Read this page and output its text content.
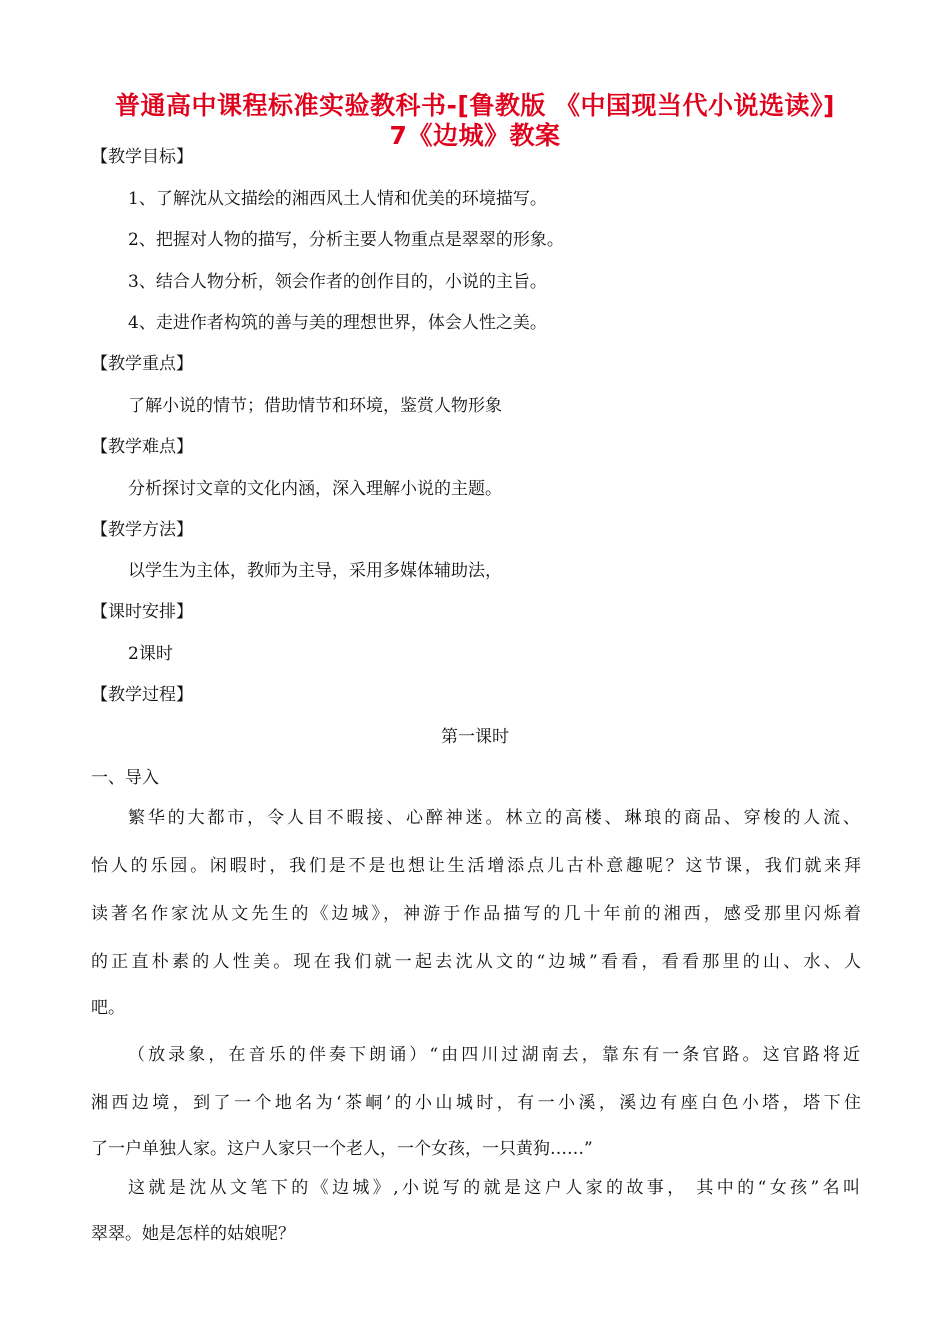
普通高中课程标准实验教科书-[鲁教版 《中国现当代小说选读》]
7《边城》教案
【教学目标】
1、了解沈从文描绘的湘西风土人情和优美的环境描写。
2、把握对人物的描写，分析主要人物重点是翠翠的形象。
3、结合人物分析，领会作者的创作目的，小说的主旨。
4、走进作者构筑的善与美的理想世界，体会人性之美。
【教学重点】
了解小说的情节；借助情节和环境，鉴赏人物形象
【教学难点】
分析探讨文章的文化内涵，深入理解小说的主题。
【教学方法】
以学生为主体，教师为主导，采用多媒体辅助法，
【课时安排】
2课时
【教学过程】
第一课时
一、导入
繁华的大都市，令人目不暇接、心醉神迷。林立的高楼、琳琅的商品、穿梭的人流、
怡人的乐园。闲暇时，我们是不是也想让生活增添点儿古朴意趣呢？这节课，我们就来拜
读著名作家沈从文先生的《边城》，神游于作品描写的几十年前的湘西，感受那里闪烁着
的正直朴素的人性美。现在我们就一起去沈从文的“边城”看看，看看那里的山、水、人
吧。
（放录象，在音乐的伴奏下朗诵）“由四川过湖南去，靠东有一条官路。这官路将近
湘西边境，到了一个地名为‘茶峒’的小山城时，有一小溪，溪边有座白色小塔，塔下住
了一户单独人家。这户人家只一个老人，一个女孩，一只黄狗……”
这就是沈从文笔下的《边城》,小说写的就是这户人家的故事， 其中的“女孩”名叫
翠翠。她是怎样的姑娘呢？
